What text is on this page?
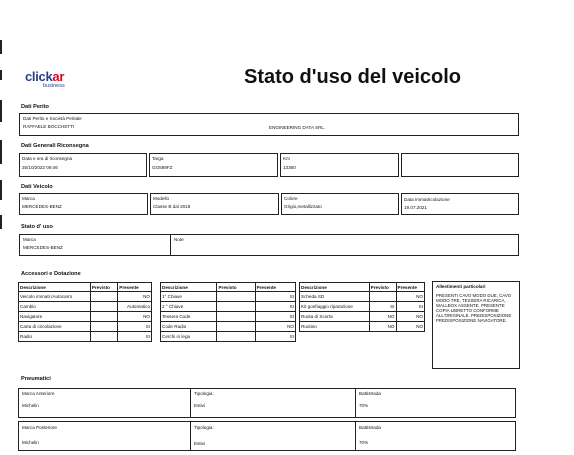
clickar
business	Stato d'uso del veicolo
Dati Perito
Dati Perito e Società Peritale
RAFFAELE BOCCHETTI	ENGINEERING DATA SRL.
Dati Generali Riconsegna
Data e ora di riconsegna
25/10/2022 09:46
Targa
GG589FZ
Km
13360
Dati Veicolo
Marca
MERCEDES-BENZ
Modello
Classe B dal 2018
Colore
Grigio,metallizzato
Data Immatricolazione
19.07.2021
Stato d' uso
Marca
MERCEDES-BENZ
Note
Accessori e Dotazione
Descrizione	Previsto	Presente
Veicolo immatr./Autocarro		NO
Cambio		Automatico
Navigatore		NO
Carta di circolazione		SI
Radio		SI
Descrizione	Previsto	Presente
1° Chiave		SI
2 ° Chiave		SI
Tessera Code		SI
Code Radio		NO
Cerchi in lega		SI
Descrizione	Previsto	Presente
Scheda SD		NO
Kit gonfiaggio riparazione	SI	SI
Ruota di Scorta	NO	NO
Ruotino	NO	NO
Allestimenti particolari
PRESENTI CAVO MODO DUE, CAVO
MODO TRE, TESSERA RICARICA,
WALLBOX ASSENTE. PRESENTE
COPIA LIBRETTO CONFORME
ALL'ORIGINALE. PREDISPOSIZIONE
PREDISPOSIZIONE NAVIGATORE.
Pneumatici
Marca Anteriore
Michelin
Tipologia:
Estivi
Battistrada
70%
Marca Posteriore
Michelin
Tipologia:
Estivi
Battistrada
70%
